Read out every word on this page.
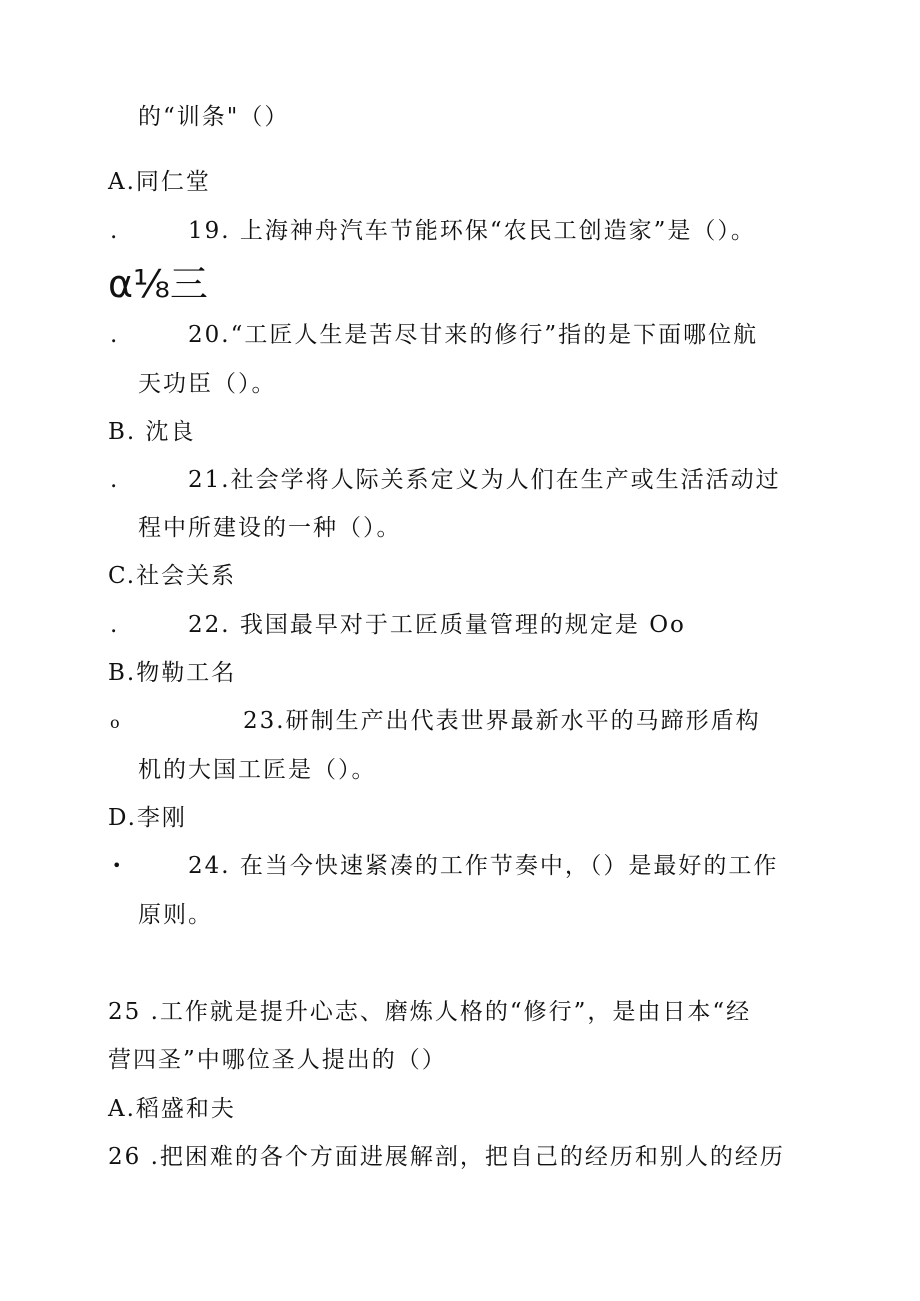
的“训条"（）
A.同仁堂
.	19. 上海神舟汽车节能环保“农民工创造家”是（）。
α⅛三
.	20.“工匠人生是苦尽甘来的修行”指的是下面哪位航
天功臣（）。
B. 沈良
.	21.社会学将人际关系定义为人们在生产或生活活动过
程中所建设的一种（）。
C.社会关系
.	22. 我国最早对于工匠质量管理的规定是 Oo
B.物勒工名
o	23.研制生产出代表世界最新水平的马蹄形盾构
机的大国工匠是（）。
D.李刚
•	24. 在当今快速紧凑的工作节奏中，（）是最好的工作
原则。
25 .工作就是提升心志、磨炼人格的“修行”，是由日本“经
营四圣”中哪位圣人提出的（）
A.稻盛和夫
26 .把困难的各个方面进展解剖，把自己的经历和别人的经历
